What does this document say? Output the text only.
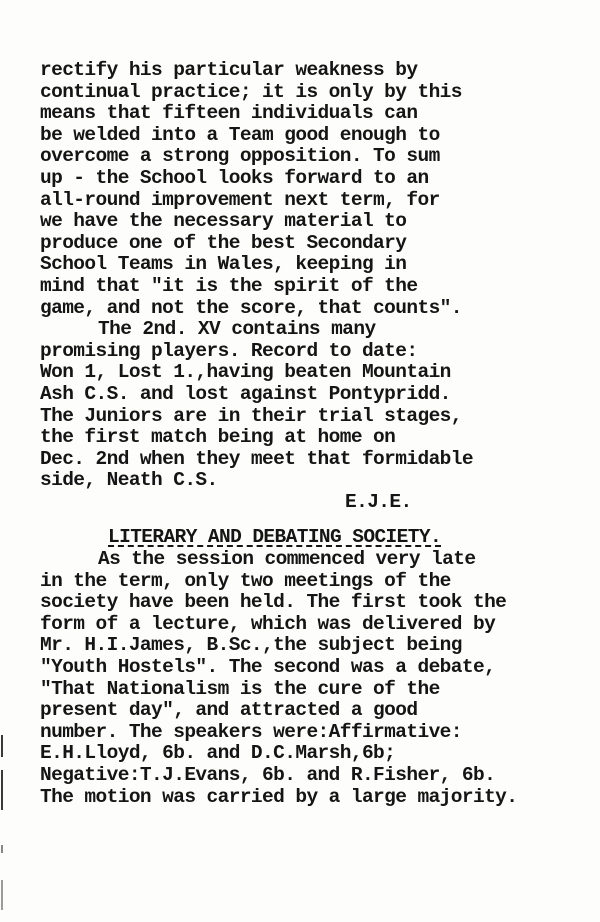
rectify his particular weakness by
continual practice; it is only by this
means that fifteen individuals can
be welded into a Team good enough to
overcome a strong opposition. To sum
up - the School looks forward to an
all-round improvement next term, for
we have the necessary material to
produce one of the best Secondary
School Teams in Wales, keeping in
mind that "it is the spirit of the
game, and not the score, that counts".
The 2nd. XV contains many
promising players. Record to date:
Won 1, Lost 1.,having beaten Mountain
Ash C.S. and lost against Pontypridd.
The Juniors are in their trial stages,
the first match being at home on
Dec. 2nd when they meet that formidable
side, Neath C.S.
E.J.E.
LITERARY AND DEBATING SOCIETY.
As the session commenced very late
in the term, only two meetings of the
society have been held. The first took the
form of a lecture, which was delivered by
Mr. H.I.James, B.Sc.,the subject being
"Youth Hostels". The second was a debate,
"That Nationalism is the cure of the
present day", and attracted a good
number. The speakers were:Affirmative:
E.H.Lloyd, 6b. and D.C.Marsh,6b;
Negative:T.J.Evans, 6b. and R.Fisher, 6b.
The motion was carried by a large majority.
